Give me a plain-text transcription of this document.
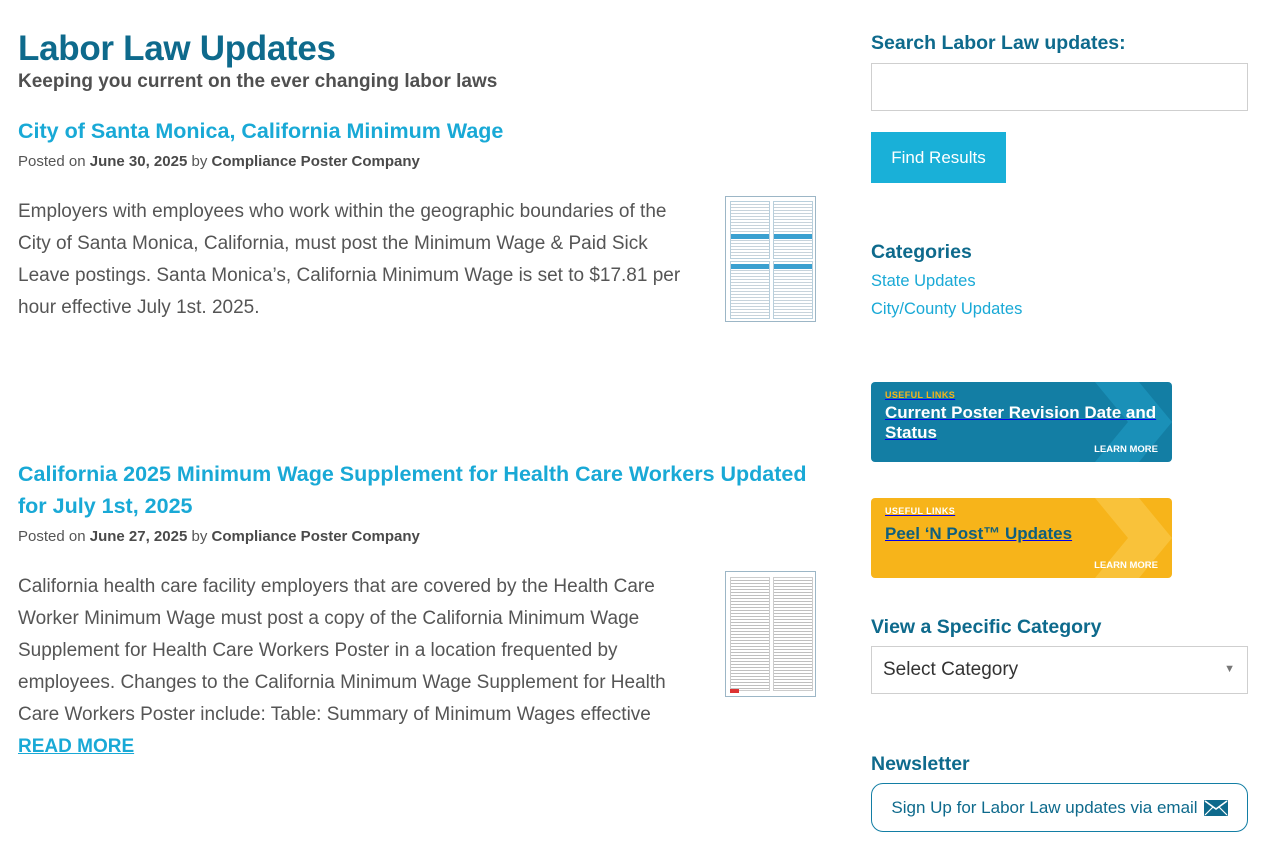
Labor Law Updates

Keeping you current on the ever changing labor laws

City of Santa Monica, California Minimum Wage
Posted on June 30, 2025 by Compliance Poster Company

Employers with employees who work within the geographic boundaries of the City of Santa Monica, California, must post the Minimum Wage & Paid Sick Leave postings. Santa Monica’s, California Minimum Wage is set to $17.81 per hour effective July 1st. 2025.

California 2025 Minimum Wage Supplement for Health Care Workers Updated for July 1st, 2025
Posted on June 27, 2025 by Compliance Poster Company

California health care facility employers that are covered by the Health Care Worker Minimum Wage must post a copy of the California Minimum Wage Supplement for Health Care Workers Poster in a location frequented by employees. Changes to the California Minimum Wage Supplement for Health Care Workers Poster include: Table: Summary of Minimum Wages effective
READ MORE

Search Labor Law updates:
Find Results
Categories
State Updates
City/County Updates
USEFUL LINKS
Current Poster Revision Date and Status
LEARN MORE
USEFUL LINKS
Peel ‘N Post™ Updates
LEARN MORE
View a Specific Category
Select Category	▼
Newsletter
Sign Up for Labor Law updates via email
